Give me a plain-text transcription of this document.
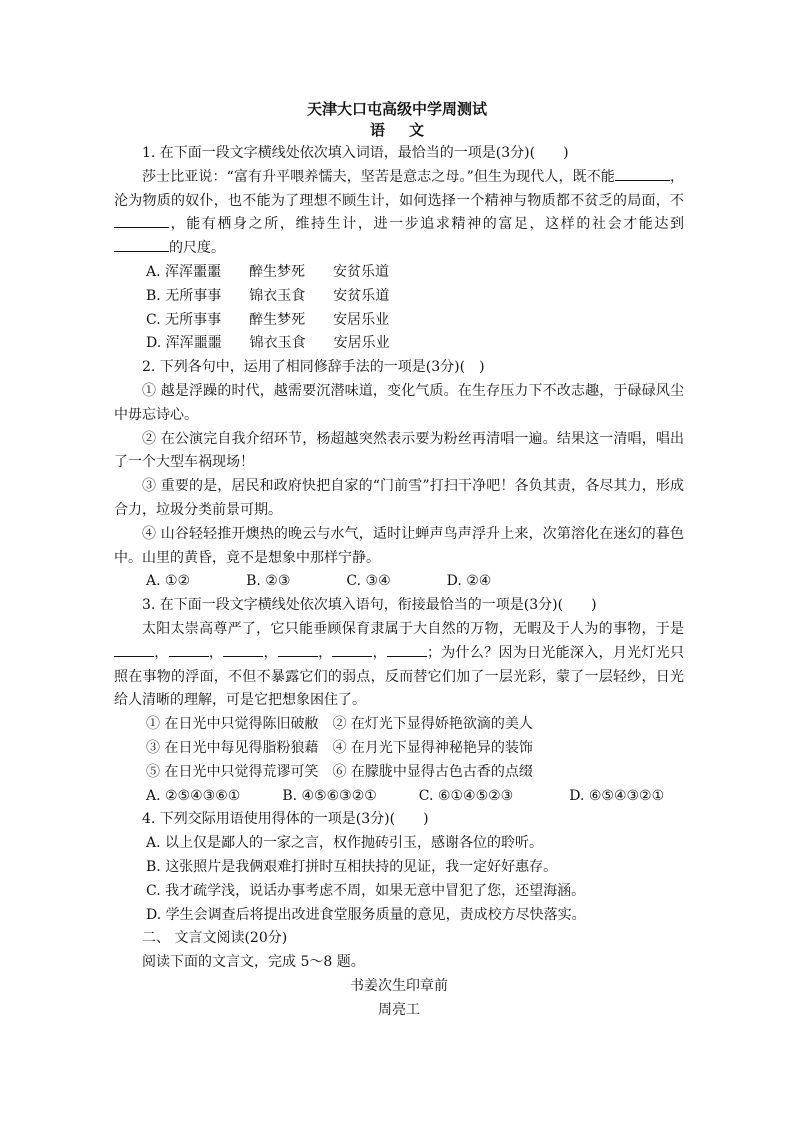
天津大口屯高级中学周测试
语文

1. 在下面一段文字横线处依次填入词语，最恰当的一项是(3分)(　　)

莎士比亚说：“富有升平喂养懦夫，坚苦是意志之母。”但生为现代人，既不能	，沦为物质的奴仆，也不能为了理想不顾生计，如何选择一个精神与物质都不贫乏的局面，不，能有栖身之所，维持生计，进一步追求精神的富足，这样的社会才能达到的尺度。

A. 浑浑噩噩　　醉生梦死　　安贫乐道

B. 无所事事　　锦衣玉食　　安贫乐道

C. 无所事事　　醉生梦死　　安居乐业

D. 浑浑噩噩　　锦衣玉食　　安居乐业

2. 下列各句中，运用了相同修辞手法的一项是(3分)(　)

① 越是浮躁的时代，越需要沉潜味道，变化气质。在生存压力下不改志趣，于碌碌风尘中毋忘诗心。

② 在公演完自我介绍环节，杨超越突然表示要为粉丝再清唱一遍。结果这一清唱，唱出了一个大型车祸现场！

③ 重要的是，居民和政府快把自家的“门前雪”打扫干净吧！各负其责，各尽其力，形成合力，垃圾分类前景可期。

④ 山谷轻轻推开燠热的晚云与水气，适时让蝉声鸟声浮升上来，次第溶化在迷幻的暮色中。山里的黄昏，竟不是想象中那样宁静。

A. ①②　　　　B. ②③　　　　C. ③④　　　　D. ②④

3. 在下面一段文字横线处依次填入语句，衔接最恰当的一项是(3分)(　　)

太阳太崇高尊严了，它只能垂顾保育隶属于大自然的万物，无暇及于人为的事物，于是，	，	，	，	，	；为什么？因为日光能深入，月光灯光只照在事物的浮面，不但不暴露它们的弱点，反而替它们加了一层光彩，蒙了一层轻纱，日光给人清晰的理解，可是它把想象困住了。

① 在日光中只觉得陈旧破敝　② 在灯光下显得娇艳欲滴的美人

③ 在日光中每见得脂粉狼藉　④ 在月光下显得神秘艳异的装饰

⑤ 在日光中只觉得荒谬可笑　⑥ 在朦胧中显得古色古香的点缀

A. ②⑤④③⑥①　　　B. ④⑤⑥③②①　　　C. ⑥①④⑤②③　　　　D. ⑥⑤④③②①

4. 下列交际用语使用得体的一项是(3分)(　　)

A. 以上仅是鄙人的一家之言，权作抛砖引玉，感谢各位的聆听。

B. 这张照片是我俩艰难打拼时互相扶持的见证，我一定好好惠存。

C. 我才疏学浅，说话办事考虑不周，如果无意中冒犯了您，还望海涵。

D. 学生会调查后将提出改进食堂服务质量的意见，责成校方尽快落实。

二、 文言文阅读(20分)

阅读下面的文言文，完成 5～8 题。

书姜次生印章前

周亮工
